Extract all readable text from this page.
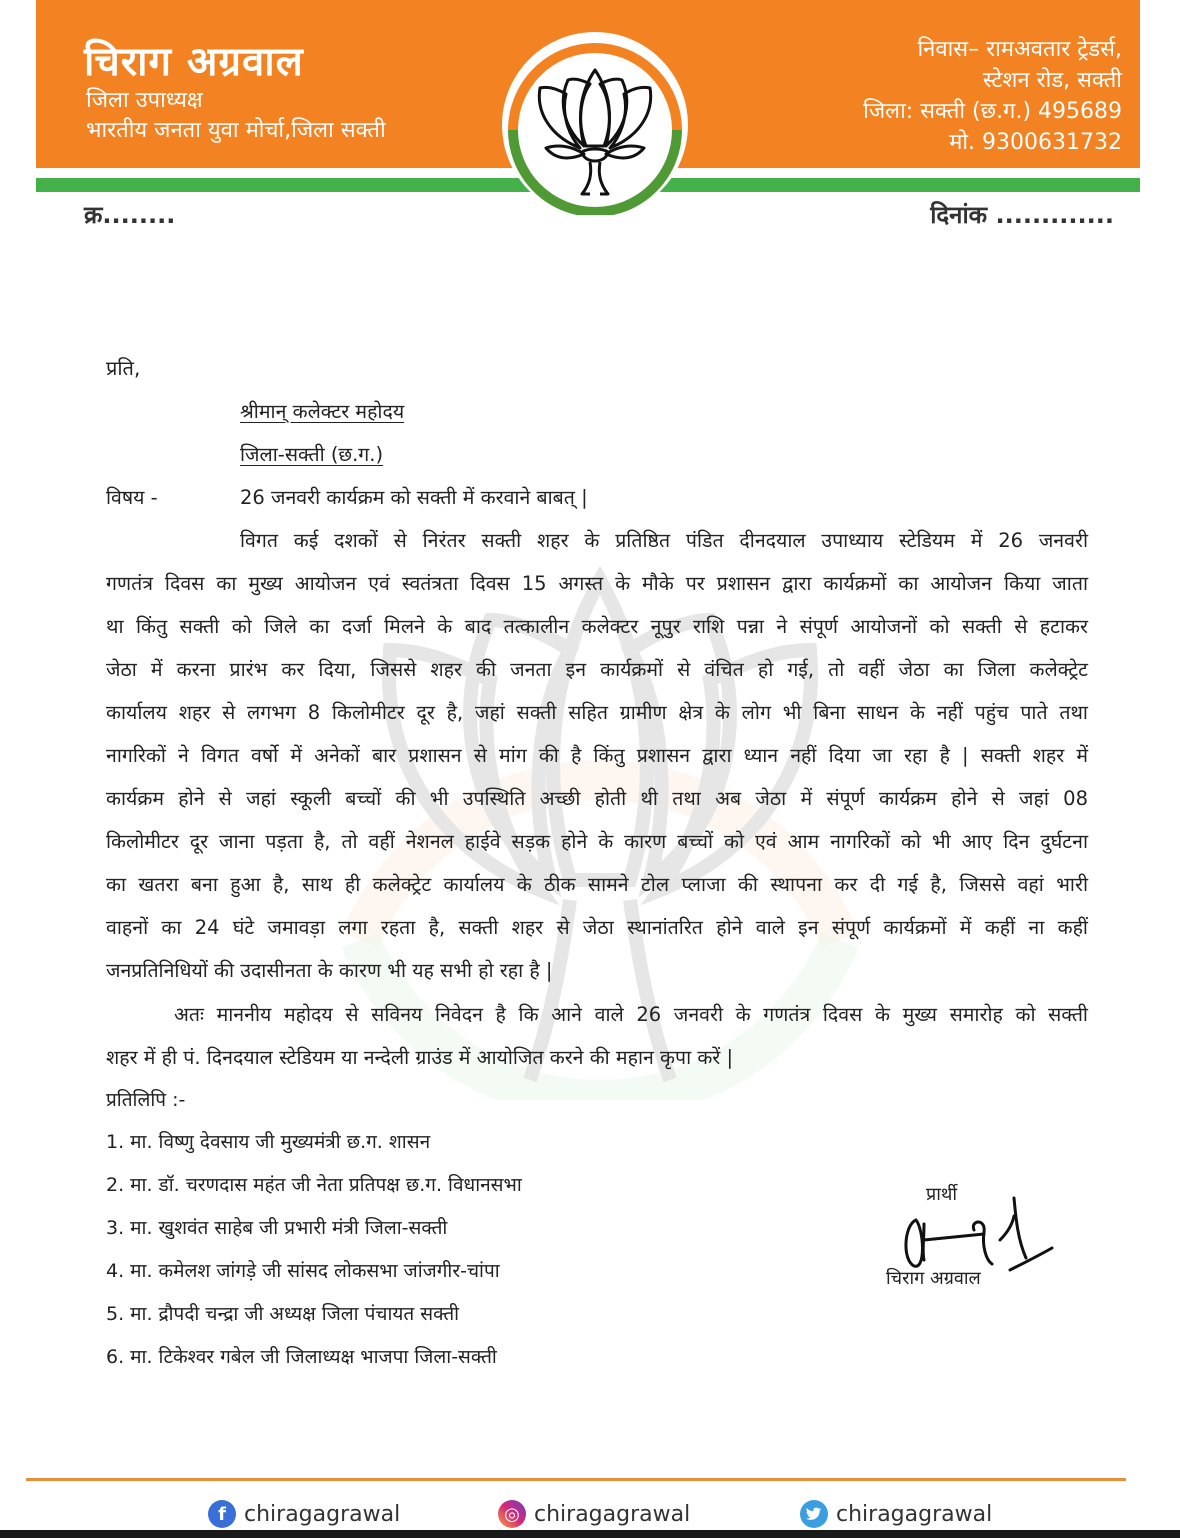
चिराग अग्रवाल
जिला उपाध्यक्ष
भारतीय जनता युवा मोर्चा,जिला सक्ती
निवास– रामअवतार ट्रेडर्स,
स्टेशन रोड, सक्ती
जिला: सक्ती (छ.ग.) 495689
मो. 9300631732
क्र........	दिनांक .............
प्रति,
श्रीमान् कलेक्टर महोदय
जिला-सक्ती (छ.ग.)
विषय -	26 जनवरी कार्यक्रम को सक्ती में करवाने बाबत् |
विगत कई दशकों से निरंतर सक्ती शहर के प्रतिष्ठित पंडित दीनदयाल उपाध्याय स्टेडियम में 26 जनवरी
गणतंत्र दिवस का मुख्य आयोजन एवं स्वतंत्रता दिवस 15 अगस्त के मौके पर प्रशासन द्वारा कार्यक्रमों का आयोजन किया जाता
था किंतु सक्ती को जिले का दर्जा मिलने के बाद तत्कालीन कलेक्टर नूपुर राशि पन्ना ने संपूर्ण आयोजनों को सक्ती से हटाकर
जेठा में करना प्रारंभ कर दिया, जिससे शहर की जनता इन कार्यक्रमों से वंचित हो गई, तो वहीं जेठा का जिला कलेक्ट्रेट
कार्यालय शहर से लगभग 8 किलोमीटर दूर है, जहां सक्ती सहित ग्रामीण क्षेत्र के लोग भी बिना साधन के नहीं पहुंच पाते तथा
नागरिकों ने विगत वर्षो में अनेकों बार प्रशासन से मांग की है किंतु प्रशासन द्वारा ध्यान नहीं दिया जा रहा है | सक्ती शहर में
कार्यक्रम होने से जहां स्कूली बच्चों की भी उपस्थिति अच्छी होती थी तथा अब जेठा में संपूर्ण कार्यक्रम होने से जहां 08
किलोमीटर दूर जाना पड़ता है, तो वहीं नेशनल हाईवे सड़क होने के कारण बच्चों को एवं आम नागरिकों को भी आए दिन दुर्घटना
का खतरा बना हुआ है, साथ ही कलेक्ट्रेट कार्यालय के ठीक सामने टोल प्लाजा की स्थापना कर दी गई है, जिससे वहां भारी
वाहनों का 24 घंटे जमावड़ा लगा रहता है, सक्ती शहर से जेठा स्थानांतरित होने वाले इन संपूर्ण कार्यक्रमों में कहीं ना कहीं
जनप्रतिनिधियों की उदासीनता के कारण भी यह सभी हो रहा है |
अतः माननीय महोदय से सविनय निवेदन है कि आने वाले 26 जनवरी के गणतंत्र दिवस के मुख्य समारोह को सक्ती
शहर में ही पं. दिनदयाल स्टेडियम या नन्देली ग्राउंड में आयोजित करने की महान कृपा करें |
प्रतिलिपि :-
1. मा. विष्णु देवसाय जी मुख्यमंत्री छ.ग. शासन
2. मा. डॉ. चरणदास महंत जी नेता प्रतिपक्ष छ.ग. विधानसभा
3. मा. खुशवंत साहेब जी प्रभारी मंत्री जिला-सक्ती
4. मा. कमेलश जांगड़े जी सांसद लोकसभा जांजगीर-चांपा
5. मा. द्रौपदी चन्द्रा जी अध्यक्ष जिला पंचायत सक्ती
6. मा. टिकेश्वर गबेल जी जिलाध्यक्ष भाजपा जिला-सक्ती
प्रार्थी
चिराग अग्रवाल
f chiragagrawal	◎ chiragagrawal	chiragagrawal
